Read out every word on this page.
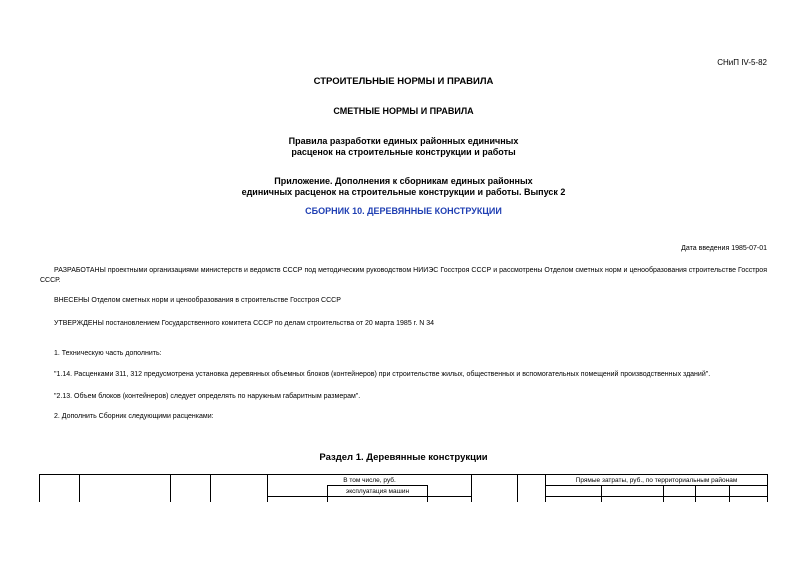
СНиП IV-5-82
СТРОИТЕЛЬНЫЕ НОРМЫ И ПРАВИЛА
СМЕТНЫЕ НОРМЫ И ПРАВИЛА
Правила разработки единых районных единичных
расценок на строительные конструкции и работы
Приложение. Дополнения к сборникам единых районных
единичных расценок на строительные конструкции и работы. Выпуск 2
СБОРНИК 10. ДЕРЕВЯННЫЕ КОНСТРУКЦИИ
Дата введения 1985-07-01
РАЗРАБОТАНЫ проектными организациями министерств и ведомств СССР под методическим руководством НИИЭС Госстроя СССР и рассмотрены Отделом сметных норм и ценообразования строительстве Госстроя СССР.
ВНЕСЕНЫ Отделом сметных норм и ценообразования в строительстве Госстроя СССР
УТВЕРЖДЕНЫ постановлением Государственного комитета СССР по делам строительства от 20 марта 1985 г. N 34
1. Техническую часть дополнить:
"1.14. Расценками 311, 312 предусмотрена установка деревянных объемных блоков (контейнеров) при строительстве жилых, общественных и вспомогательных помещений производственных зданий".
"2.13. Объем блоков (контейнеров) следует определять по наружным габаритным размерам".
2. Дополнить Сборник следующими расценками:
Раздел 1. Деревянные конструкции
				В том числе, руб.					Прямые затраты, руб., по территориальным районам				
					эксплуатация машин								
